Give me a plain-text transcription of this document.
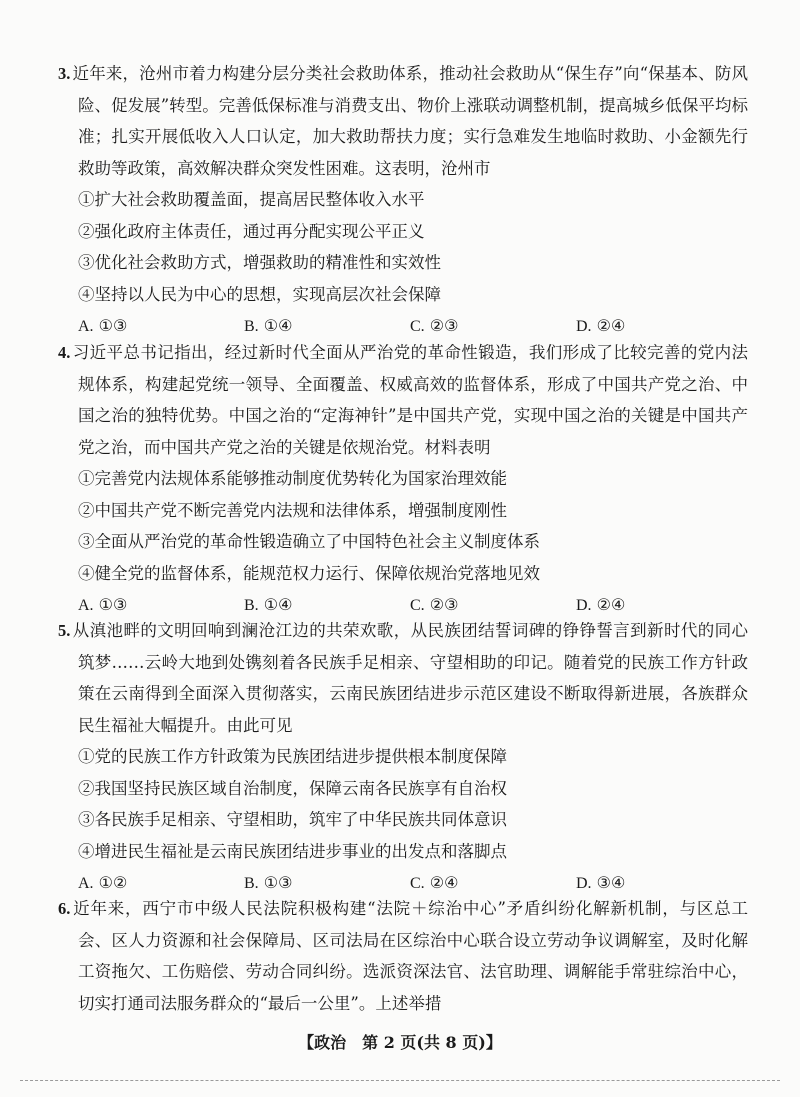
3. 近年来，沧州市着力构建分层分类社会救助体系，推动社会救助从“保生存”向“保基本、防风险、促发展”转型。完善低保标准与消费支出、物价上涨联动调整机制，提高城乡低保平均标准；扎实开展低收入人口认定，加大救助帮扶力度；实行急难发生地临时救助、小金额先行救助等政策，高效解决群众突发性困难。这表明，沧州市

①扩大社会救助覆盖面，提高居民整体收入水平

②强化政府主体责任，通过再分配实现公平正义

③优化社会救助方式，增强救助的精准性和实效性

④坚持以人民为中心的思想，实现高层次社会保障

A. ①③	B. ①④	C. ②③	D. ②④

4. 习近平总书记指出，经过新时代全面从严治党的革命性锻造，我们形成了比较完善的党内法规体系，构建起党统一领导、全面覆盖、权威高效的监督体系，形成了中国共产党之治、中国之治的独特优势。中国之治的“定海神针”是中国共产党，实现中国之治的关键是中国共产党之治，而中国共产党之治的关键是依规治党。材料表明

①完善党内法规体系能够推动制度优势转化为国家治理效能

②中国共产党不断完善党内法规和法律体系，增强制度刚性

③全面从严治党的革命性锻造确立了中国特色社会主义制度体系

④健全党的监督体系，能规范权力运行、保障依规治党落地见效

A. ①③	B. ①④	C. ②③	D. ②④

5. 从滇池畔的文明回响到澜沧江边的共荣欢歌，从民族团结誓词碑的铮铮誓言到新时代的同心筑梦……云岭大地到处镌刻着各民族手足相亲、守望相助的印记。随着党的民族工作方针政策在云南得到全面深入贯彻落实，云南民族团结进步示范区建设不断取得新进展，各族群众民生福祉大幅提升。由此可见

①党的民族工作方针政策为民族团结进步提供根本制度保障

②我国坚持民族区域自治制度，保障云南各民族享有自治权

③各民族手足相亲、守望相助，筑牢了中华民族共同体意识

④增进民生福祉是云南民族团结进步事业的出发点和落脚点

A. ①②	B. ①③	C. ②④	D. ③④

6. 近年来，西宁市中级人民法院积极构建“法院＋综治中心”矛盾纠纷化解新机制，与区总工会、区人力资源和社会保障局、区司法局在区综治中心联合设立劳动争议调解室，及时化解工资拖欠、工伤赔偿、劳动合同纠纷。选派资深法官、法官助理、调解能手常驻综治中心，切实打通司法服务群众的“最后一公里”。上述举措

【政治　第 2 页(共 8 页)】
